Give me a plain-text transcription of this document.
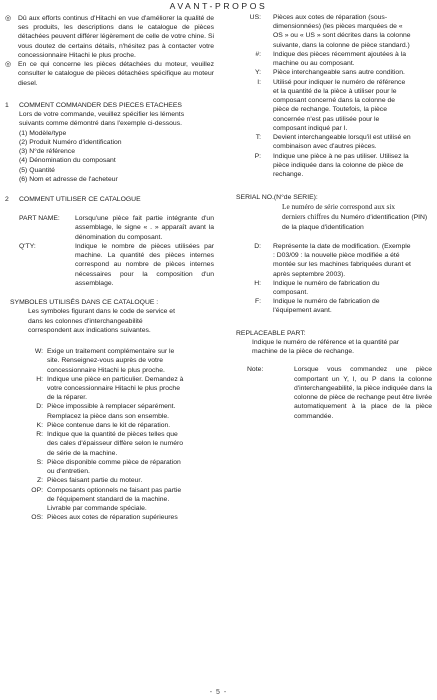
AVANT-PROPOS
◎	Dû aux efforts continus d'Hitachi en vue d'améliorer la qualité de ses produits, les descriptions dans le catalogue de pièces détachées peuvent différer légèrement de celle de votre chine. Si vous doutez de certains détails, n'hésitez pas à contacter votre concessionnaire Hitachi le plus proche.
◎	En ce qui concerne les pièces détachées du moteur, veuillez consulter le catalogue de pièces détachées spécifique au moteur diesel.
1	COMMENT COMMANDER DES PIECES ETACHEES
Lors de votre commande, veuillez spécifier les léments
suivants comme démontré dans l'exemple ci-dessous.
(1) Modèle/type
(2) Produit Numéro d'identification
(3) N°de référence
(4) Dénomination du composant
(5) Quantité
(6) Nom et adresse de l'acheteur
2	COMMENT UTILISER CE CATALOGUE
PART NAME:	Lorsqu'une pièce fait partie intégrante d'un assemblage, le signe « . » apparaît avant la dénomination du composant.
Q'TY:	Indique le nombre de pièces utilisées par machine. La quantité des pièces internes correspond au nombre de pièces internes nécessaires pour la composition d'un assemblage.
SYMBOLES UTILISÉS DANS CE CATALOQUE :
Les symboles figurant dans le code de service et
dans les colonnes d'interchangeabilité
correspondent aux indications suivantes.
W: Exige un traitement complémentaire sur le site. Renseignez-vous auprès de votre concessionnaire Hitachi le plus proche.
H: Indique une pièce en particulier. Demandez à votre concessionnaire Hitachi le plus proche de la réparer.
D: Pièce impossible à remplacer séparément. Remplacez la pièce dans son ensemble.
K: Pièce contenue dans le kit de réparation.
R: Indique que la quantité de pièces telles que des cales d'épaisseur diffère selon le numéro de série de la machine.
S: Pièce disponible comme pièce de réparation ou d'entretien.
Z: Pièces faisant partie du moteur.
OP: Composants optionnels ne faisant pas partie de l'équipement standard de la machine. Livrable par commande spéciale.
OS: Pièces aux cotes de réparation supérieures
US:	Pièces aux cotes de réparation (sous-dimensionnées) (les pièces marquées de « OS » ou « US » sont décrites dans la colonne suivante, dans la colonne de pièce standard.)
#:	Indique des pièces récemment ajoutées à la machine ou au composant.
Y:	Pièce interchangeable sans autre condition.
I:	Utilisé pour indiquer le numéro de référence et la quantité de la pièce à utiliser pour le composant concerné dans la colonne de pièce de rechange. Toutefois, la pièce concernée n'est pas utilisée pour le composant indiqué par I.
T:	Devient interchangeable lorsqu'il est utilisé en combinaison avec d'autres pièces.
P:	Indique une pièce à ne pas utiliser. Utilisez la pièce indiquée dans la colonne de pièce de rechange.
SERIAL NO.(N°de SERIE):
Le numéro de série correspond aux six
derniers chiffres du Numéro d'identification (PIN) de la plaque d'identification
D:	Représente la date de modification. (Exemple : D03/09 : la nouvelle pièce modifiée a été montée sur les machines fabriquées durant et après septembre 2003).
H:	Indique le numéro de fabrication du composant.
F:	Indique le numéro de fabrication de l'équipement avant.
REPLACEABLE PART:
Indique le numéro de référence et la quantité par
machine de la pièce de rechange.
Note:	Lorsque vous commandez une pièce comportant un Y, I, ou P dans la colonne d'interchangeabilité, la pièce indiquée dans la colonne de pièce de rechange peut être livrée automatiquement à la place de la pièce commandée.
- 5 -
